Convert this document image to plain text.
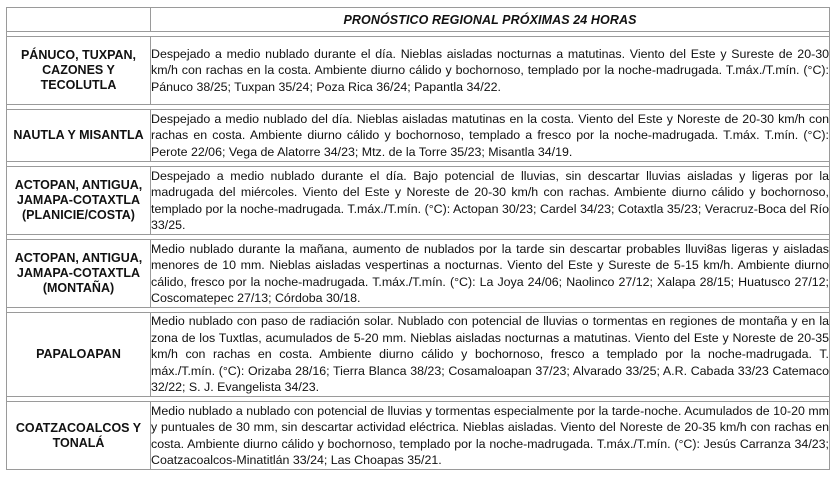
	PRONÓSTICO REGIONAL PRÓXIMAS 24 HORAS

PÁNUCO, TUXPAN, CAZONES Y TECOLUTLA	Despejado a medio nublado durante el día. Nieblas aisladas nocturnas a matutinas. Viento del Este y Sureste de 20-30 km/h con rachas en la costa. Ambiente diurno cálido y bochornoso, templado por la noche-madrugada. T.máx./T.mín. (°C): Pánuco 38/25; Tuxpan 35/24; Poza Rica 36/24; Papantla 34/22.

NAUTLA Y MISANTLA	Despejado a medio nublado del día. Nieblas aisladas matutinas en la costa. Viento del Este y Noreste de 20-30 km/h con rachas en costa. Ambiente diurno cálido y bochornoso, templado a fresco por la noche-madrugada. T.máx. T.mín. (°C): Perote 22/06; Vega de Alatorre 34/23; Mtz. de la Torre 35/23; Misantla 34/19.

ACTOPAN, ANTIGUA, JAMAPA-COTAXTLA (PLANICIE/COSTA)	Despejado a medio nublado durante el día. Bajo potencial de lluvias, sin descartar lluvias aisladas y ligeras por la madrugada del miércoles. Viento del Este y Noreste de 20-30 km/h con rachas. Ambiente diurno cálido y bochornoso, templado por la noche-madrugada. T.máx./T.mín. (°C): Actopan 30/23; Cardel 34/23; Cotaxtla 35/23; Veracruz-Boca del Río 33/25.

ACTOPAN, ANTIGUA, JAMAPA-COTAXTLA (MONTAÑA)	Medio nublado durante la mañana, aumento de nublados por la tarde sin descartar probables lluvi8as ligeras y aisladas menores de 10 mm. Nieblas aisladas vespertinas a nocturnas. Viento del Este y Sureste de 5-15 km/h. Ambiente diurno cálido, fresco por la noche-madrugada. T.máx./T.mín. (°C): La Joya 24/06; Naolinco 27/12; Xalapa 28/15; Huatusco 27/12; Coscomatepec 27/13; Córdoba 30/18.

PAPALOAPAN	Medio nublado con paso de radiación solar. Nublado con potencial de lluvias o tormentas en regiones de montaña y en la zona de los Tuxtlas, acumulados de 5-20 mm. Nieblas aisladas nocturnas a matutinas. Viento del Este y Noreste de 20-35 km/h con rachas en costa. Ambiente diurno cálido y bochornoso, fresco a templado por la noche-madrugada. T. máx./T.mín. (°C): Orizaba 28/16; Tierra Blanca 38/23; Cosamaloapan 37/23; Alvarado 33/25; A.R. Cabada 33/23 Catemaco 32/22; S. J. Evangelista 34/23.

COATZACOALCOS Y TONALÁ	Medio nublado a nublado con potencial de lluvias y tormentas especialmente por la tarde-noche. Acumulados de 10-20 mm y puntuales de 30 mm, sin descartar actividad eléctrica. Nieblas aisladas. Viento del Noreste de 20-35 km/h con rachas en costa. Ambiente diurno cálido y bochornoso, templado por la noche-madrugada. T.máx./T.mín. (°C): Jesús Carranza 34/23; Coatzacoalcos-Minatitlán 33/24; Las Choapas 35/21.
